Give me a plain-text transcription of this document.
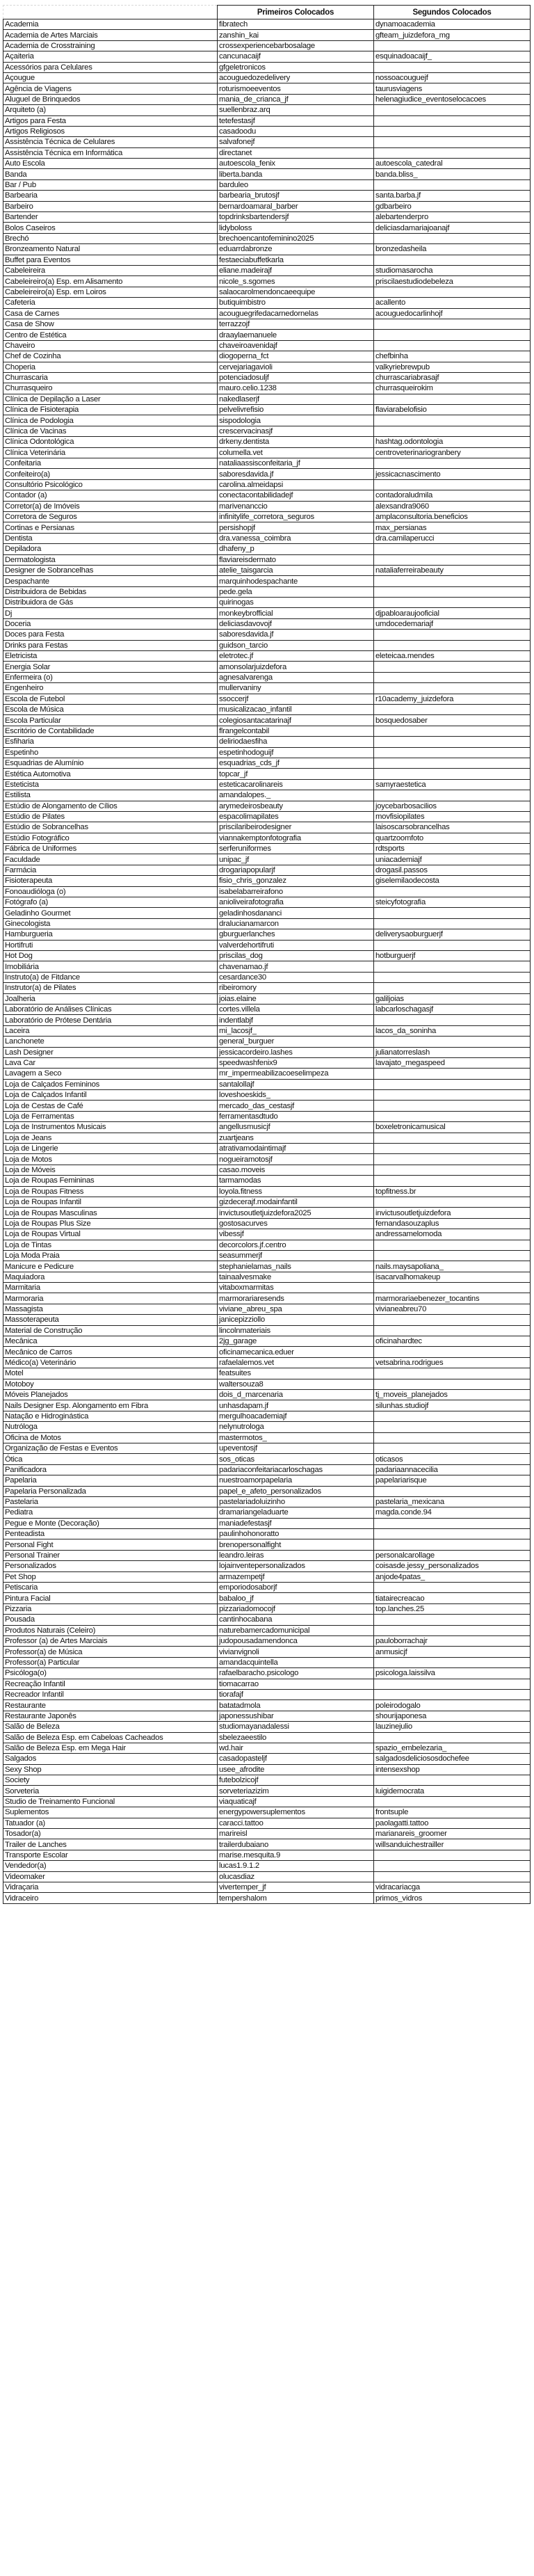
	Primeiros Colocados	Segundos Colocados
Academia	fibratech	dynamoacademia
Academia de Artes Marciais	zanshin_kai	gfteam_juizdefora_mg
Academia de Crosstraining	crossexperiencebarbosalage	
Açaiteria	cancunacaijf	esquinadoacaijf_
Acessórios para Celulares	gfgeletronicos	
Açougue	acouguedozedelivery	nossoacouguejf
Agência de Viagens	roturismoeeventos	taurusviagens
Aluguel de Brinquedos	mania_de_crianca_jf	helenagiudice_eventoselocacoes
Arquiteto (a)	suellenbraz.arq	
Artigos para Festa	tetefestasjf	
Artigos Religiosos	casadoodu	
Assistência Técnica de Celulares	salvafonejf	
Assistência Técnica em Informática	directanet	
Auto Escola	autoescola_fenix	autoescola_catedral
Banda	liberta.banda	banda.bliss_
Bar / Pub	barduleo	
Barbearia	barbearia_brutosjf	santa.barba.jf
Barbeiro	bernardoamaral_barber	gdbarbeiro
Bartender	topdrinksbartendersjf	alebartenderpro
Bolos Caseiros	lidyboloss	deliciasdamariajoanajf
Brechó	brechoencantofeminino2025	
Bronzeamento Natural	eduarrdabronze	bronzedasheila
Buffet para Eventos	festaeciabuffetkarla	
Cabeleireira	eliane.madeirajf	studiomasarocha
Cabeleireiro(a) Esp. em Alisamento	nicole_s.sgomes	priscilaestudiodebeleza
Cabeleireiro(a) Esp. em Loiros	salaocarolmendoncaeequipe	
Cafeteria	butiquimbistro	acallento
Casa de Carnes	acouguegrifedacarnedornelas	acouguedocarlinhojf
Casa de Show	terrazzojf	
Centro de Estética	draaylaemanuele	
Chaveiro	chaveiroavenidajf	
Chef de Cozinha	diogoperna_fct	chefbinha
Choperia	cervejariagavioli	valkyriebrewpub
Churrascaria	potenciadosuljf	churrascariabrasajf
Churrasqueiro	mauro.celio.1238	churrasqueirokim
Clínica de Depilação a Laser	nakedlaserjf	
Clínica de Fisioterapia	pelvelivrefisio	flaviarabelofisio
Clínica de Podologia	sispodologia	
Clínica de Vacinas	crescervacinasjf	
Clínica Odontológica	drkeny.dentista	hashtag.odontologia
Clínica Veterinária	columella.vet	centroveterinariogranbery
Confeitaria	nataliaassisconfeitaria_jf	
Confeiteiro(a)	saboresdavida.jf	jessicacnascimento
Consultório Psicológico	carolina.almeidapsi	
Contador (a)	conectacontabilidadejf	contadoraludmila
Corretor(a) de Imóveis	marivenanccio	alexsandra9060
Corretora de Seguros	infinitylife_corretora_seguros	amplaconsultoria.beneficios
Cortinas e Persianas	persishopjf	max_persianas
Dentista	dra.vanessa_coimbra	dra.camilaperucci
Depiladora	dhafeny_p	
Dermatologista	flaviareisdermato	
Designer de Sobrancelhas	atelie_taisgarcia	nataliaferreirabeauty
Despachante	marquinhodespachante	
Distribuidora de Bebidas	pede.gela	
Distribuidora de Gás	quirinogas	
Dj	monkeybrofficial	djpabloaraujooficial
Doceria	deliciasdavovojf	umdocedemariajf
Doces para Festa	saboresdavida.jf	
Drinks para Festas	guidson_tarcio	
Eletricista	eletrotec.jf	eleteicaa.mendes
Energia Solar	amonsolarjuizdefora	
Enfermeira (o)	agnesalvarenga	
Engenheiro	mullervaniny	
Escola de Futebol	ssoccerjf	r10academy_juizdefora
Escola de Música	musicalizacao_infantil	
Escola Particular	colegiosantacatarinajf	bosquedosaber
Escritório de Contabilidade	flrangelcontabil	
Esfiharia	deliriodaesfiha	
Espetinho	espetinhodoguijf	
Esquadrias de Alumínio	esquadrias_cds_jf	
Estética Automotiva	topcar_jf	
Esteticista	esteticacarolinareis	samyraestetica
Estilista	amandalopes._	
Estúdio de Alongamento de Cílios	arymedeirosbeauty	joycebarbosacilios
Estúdio de Pilates	espacolimapilates	movfisiopilates
Estúdio de Sobrancelhas	priscilaribeirodesigner	laisoscarsobrancelhas
Estúdio Fotográfico	viannakemptonfotografia	quartzoomfoto
Fábrica de Uniformes	serferuniformes	rdtsports
Faculdade	unipac_jf	uniacademiajf
Farmácia	drogariapopularjf	drogasil.passos
Fisioterapeuta	fisio_chris_gonzalez	giselemilaodecosta
Fonoaudióloga (o)	isabelabarreirafono	
Fotógrafo (a)	anioliveirafotografia	steicyfotografia
Geladinho Gourmet	geladinhosdananci	
Ginecologista	dralucianamarcon	
Hamburgueria	gburguerlanches	deliverysaoburguerjf
Hortifruti	valverdehortifruti	
Hot Dog	priscilas_dog	hotburguerjf
Imobiliária	chavenamao.jf	
Instruto(a) de Fitdance	cesardance30	
Instrutor(a) de Pilates	ribeiromory	
Joalheria	joias.elaine	galiljoias
Laboratório de Análises Clínicas	cortes.villela	labcarloschagasjf
Laboratório de Prótese Dentária	indentlabjf	
Laceira	mi_lacosjf_	lacos_da_soninha
Lanchonete	general_burguer	
Lash Designer	jessicacordeiro.lashes	julianatorreslash
Lava Car	speedwashfenix9	lavajato_megaspeed
Lavagem a Seco	mr_impermeabilizacoeselimpeza	
Loja de Calçados Femininos	santalollajf	
Loja de Calçados Infantil	loveshoeskids_	
Loja de Cestas de Café	mercado_das_cestasjf	
Loja de Ferramentas	ferramentasdtudo	
Loja de Instrumentos Musicais	angellusmusicjf	boxeletronicamusical
Loja de Jeans	zuartjeans	
Loja de Lingerie	atrativamodaintimajf	
Loja de Motos	nogueiramotosjf	
Loja de Móveis	casao.moveis	
Loja de Roupas Femininas	tarmamodas	
Loja de Roupas Fitness	loyola.fitness	topfitness.br
Loja de Roupas Infantil	gizdecerajf.modainfantil	
Loja de Roupas Masculinas	invictusoutletjuizdefora2025	invictusoutletjuizdefora
Loja de Roupas Plus Size	gostosacurves	fernandasouzaplus
Loja de Roupas Virtual	vibessjf	andressamelomoda
Loja de Tintas	decorcolors.jf.centro	
Loja Moda Praia	seasummerjf	
Manicure e Pedicure	stephanielamas_nails	nails.maysapoliana_
Maquiadora	tainaalvesmake	isacarvalhomakeup
Marmitaria	vitaboxmarmitas	
Marmoraria	marmorariaresends	marmorariaebenezer_tocantins
Massagista	viviane_abreu_spa	vivianeabreu70
Massoterapeuta	janicepizziollo	
Material de Construção	lincolnmateriais	
Mecânica	2jg_garage	oficinahardtec
Mecânico de Carros	oficinamecanica.eduer	
Médico(a) Veterinário	rafaelalemos.vet	vetsabrina.rodrigues
Motel	featsuites	
Motoboy	waltersouza8	
Móveis Planejados	dois_d_marcenaria	tj_moveis_planejados
Nails Designer Esp. Alongamento em Fibra	unhasdapam.jf	silunhas.studiojf
Natação e Hidroginástica	mergulhoacademiajf	
Nutróloga	nelynutrologa	
Oficina de Motos	mastermotos_	
Organização de Festas e Eventos	upeventosjf	
Ótica	sos_oticas	oticasos
Panificadora	padariaconfeitariacarloschagas	padariaannacecilia
Papelaria	nuestroamorpapelaria	papelariarisque
Papelaria Personalizada	papel_e_afeto_personalizados	
Pastelaria	pastelariadoluizinho	pastelaria_mexicana
Pediatra	dramariangeladuarte	magda.conde.94
Pegue e Monte (Decoração)	maniadefestasjf	
Penteadista	paulinhohonoratto	
Personal Fight	brenopersonalfight	
Personal Trainer	leandro.leiras	personalcarollage
Personalizados	lojainventepersonalizados	coisasde.jessy_personalizados
Pet Shop	armazempetjf	anjode4patas_
Petiscaria	emporiodosaborjf	
Pintura Facial	babaloo_jf	tiatairecreacao
Pizzaria	pizzariadomocojf	top.lanches.25
Pousada	cantinhocabana	
Produtos Naturais (Celeiro)	naturebamercadomunicipal	
Professor (a) de Artes Marciais	judopousadamendonca	pauloborrachajr
Professor(a) de Música	vivianvignoli	anmusicjf
Professor(a) Particular	amandacquintella	
Psicóloga(o)	rafaelbaracho.psicologo	psicologa.laissilva
Recreação Infantil	tiomacarrao	
Recreador Infantil	tiorafajf	
Restaurante	batatadmola	poleirodogalo
Restaurante Japonês	japonessushibar	shourijaponesa
Salão de Beleza	studiomayanadalessi	lauzinejulio
Salão de Beleza Esp. em Cabeloas Cacheados	sbelezaeestilo	
Salão de Beleza Esp. em Mega Hair	wd.hair	spazio_embelezaria_
Salgados	casadopasteljf	salgadosdeliciososdochefee
Sexy Shop	usee_afrodite	intensexshop
Society	futebolzicojf	
Sorveteria	sorveteriazizim	luigidemocrata
Studio de Treinamento Funcional	viaquaticajf	
Suplementos	energypowersuplementos	frontsuple
Tatuador (a)	caracci.tattoo	paolagatti.tattoo
Tosador(a)	marireisl	marianareis_groomer
Trailer de Lanches	trailerdubaiano	willsanduichestrailler
Transporte Escolar	marise.mesquita.9	
Vendedor(a)	lucas1.9.1.2	
Videomaker	olucasdiaz	
Vidraçaria	vivertemper_jf	vidracariacga
Vidraceiro	tempershalom	primos_vidros
